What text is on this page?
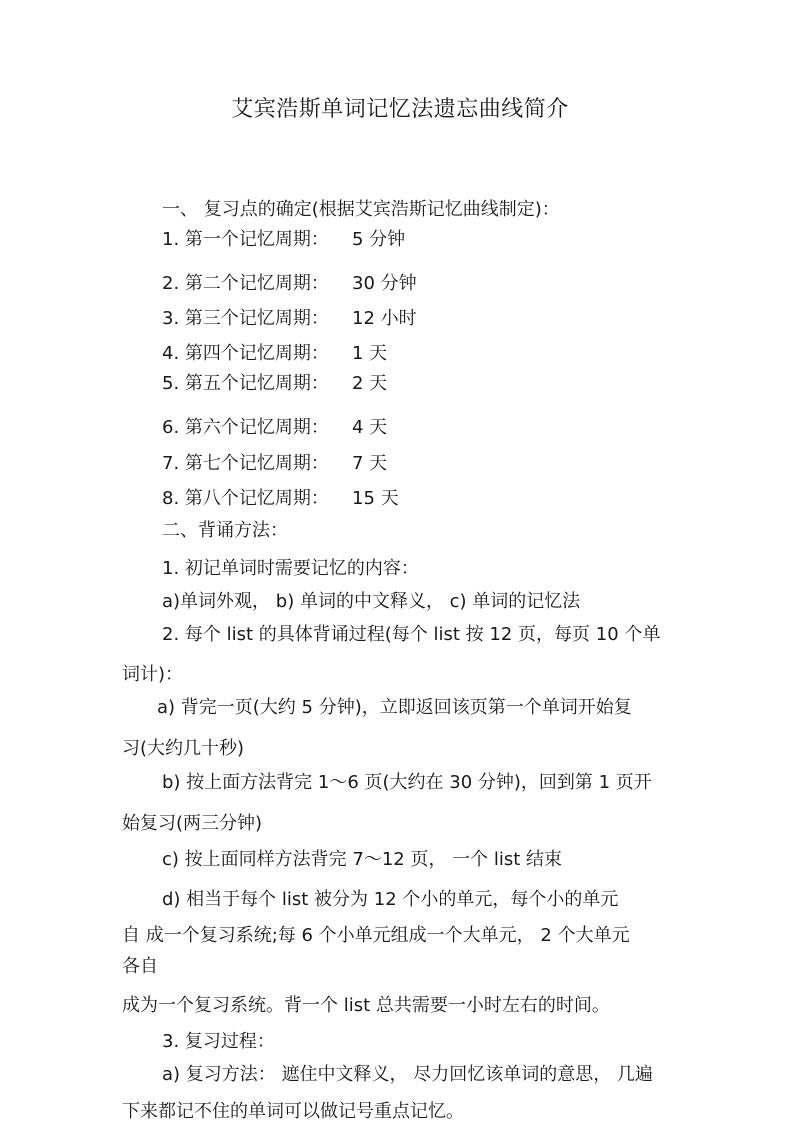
艾宾浩斯单词记忆法遗忘曲线简介
一、 复习点的确定(根据艾宾浩斯记忆曲线制定)：
1. 第一个记忆周期： 5 分钟
2. 第二个记忆周期： 30 分钟
3. 第三个记忆周期： 12 小时
4. 第四个记忆周期： 1 天
5. 第五个记忆周期： 2 天
6. 第六个记忆周期： 4 天
7. 第七个记忆周期： 7 天
8. 第八个记忆周期： 15 天
二、背诵方法：
1. 初记单词时需要记忆的内容：
a)单词外观， b) 单词的中文释义， c) 单词的记忆法
2. 每个 list 的具体背诵过程(每个 list 按 12 页，每页 10 个单
词计)：
a) 背完一页(大约 5 分钟)，立即返回该页第一个单词开始复
习(大约几十秒)
b) 按上面方法背完 1～6 页(大约在 30 分钟)，回到第 1 页开
始复习(两三分钟)
c) 按上面同样方法背完 7～12 页， 一个 list 结束
d) 相当于每个 list 被分为 12 个小的单元，每个小的单元
自 成一个复习系统;每 6 个小单元组成一个大单元， 2 个大单元
各自
成为一个复习系统。背一个 list 总共需要一小时左右的时间。
3. 复习过程：
a) 复习方法： 遮住中文释义， 尽力回忆该单词的意思， 几遍
下来都记不住的单词可以做记号重点记忆。
